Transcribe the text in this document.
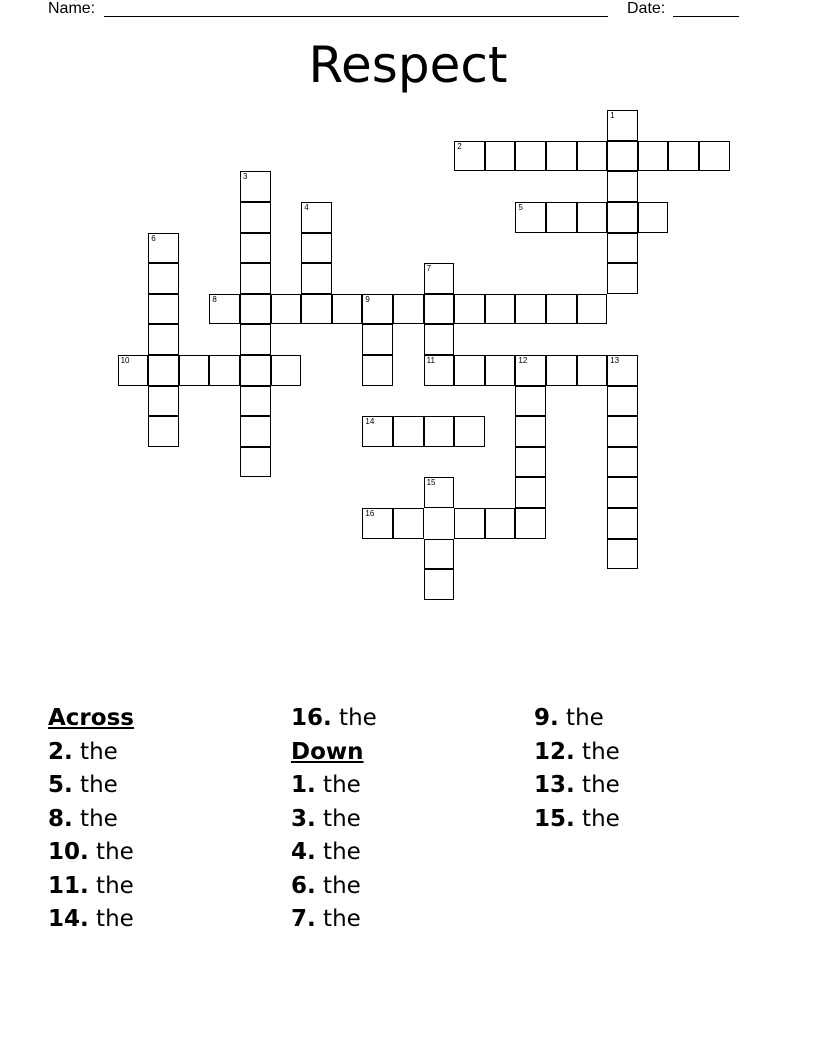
Name:	Date:
Respect
1
2
3
4	5
6
7
11
8	9
10	12	13
14
15
16
Across
2. the
5. the
8. the
10. the
11. the
14. the
16. the
Down
1. the
3. the
4. the
6. the
7. the
9. the
12. the
13. the
15. the
